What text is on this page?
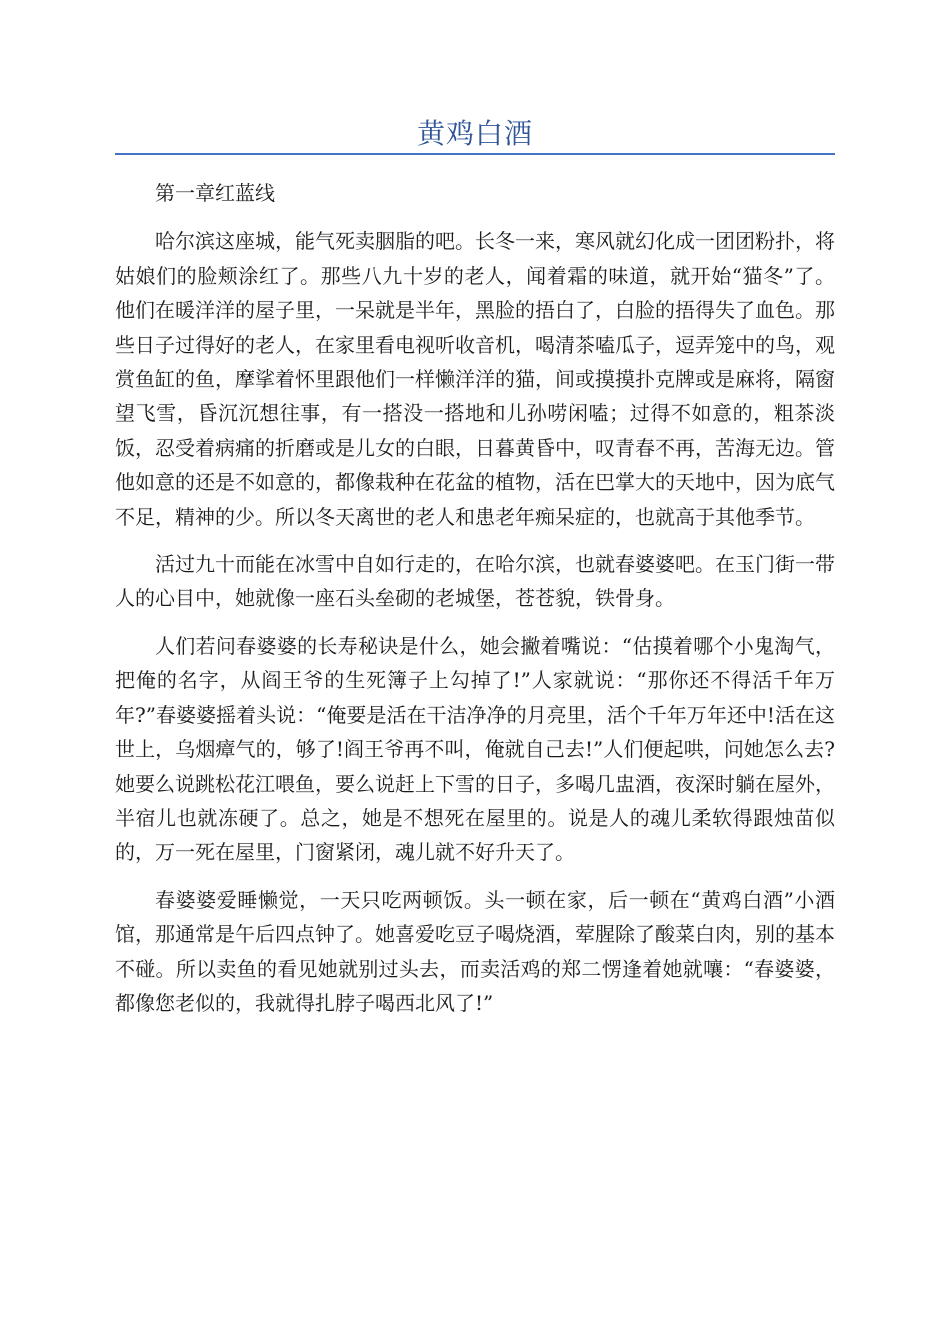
黄鸡白酒

第一章红蓝线

哈尔滨这座城，能气死卖胭脂的吧。长冬一来，寒风就幻化成一团团粉扑，将姑娘们的脸颊涂红了。那些八九十岁的老人，闻着霜的味道，就开始“猫冬”了。他们在暖洋洋的屋子里，一呆就是半年，黑脸的捂白了，白脸的捂得失了血色。那些日子过得好的老人，在家里看电视听收音机，喝清茶嗑瓜子，逗弄笼中的鸟，观赏鱼缸的鱼，摩挲着怀里跟他们一样懒洋洋的猫，间或摸摸扑克牌或是麻将，隔窗望飞雪，昏沉沉想往事，有一搭没一搭地和儿孙唠闲嗑；过得不如意的，粗茶淡饭，忍受着病痛的折磨或是儿女的白眼，日暮黄昏中，叹青春不再，苦海无边。管他如意的还是不如意的，都像栽种在花盆的植物，活在巴掌大的天地中，因为底气不足，精神的少。所以冬天离世的老人和患老年痴呆症的，也就高于其他季节。

活过九十而能在冰雪中自如行走的，在哈尔滨，也就春婆婆吧。在玉门街一带人的心目中，她就像一座石头垒砌的老城堡，苍苍貌，铁骨身。

人们若问春婆婆的长寿秘诀是什么，她会撇着嘴说：“估摸着哪个小鬼淘气，把俺的名字，从阎王爷的生死簿子上勾掉了!”人家就说：“那你还不得活千年万年?”春婆婆摇着头说：“俺要是活在干洁净净的月亮里，活个千年万年还中!活在这世上，乌烟瘴气的，够了!阎王爷再不叫，俺就自己去!”人们便起哄，问她怎么去?她要么说跳松花江喂鱼，要么说赶上下雪的日子，多喝几盅酒，夜深时躺在屋外，半宿儿也就冻硬了。总之，她是不想死在屋里的。说是人的魂儿柔软得跟烛苗似的，万一死在屋里，门窗紧闭，魂儿就不好升天了。

春婆婆爱睡懒觉，一天只吃两顿饭。头一顿在家，后一顿在“黄鸡白酒”小酒馆，那通常是午后四点钟了。她喜爱吃豆子喝烧酒，荤腥除了酸菜白肉，别的基本不碰。所以卖鱼的看见她就别过头去，而卖活鸡的郑二愣逢着她就嚷：“春婆婆，都像您老似的，我就得扎脖子喝西北风了!”
